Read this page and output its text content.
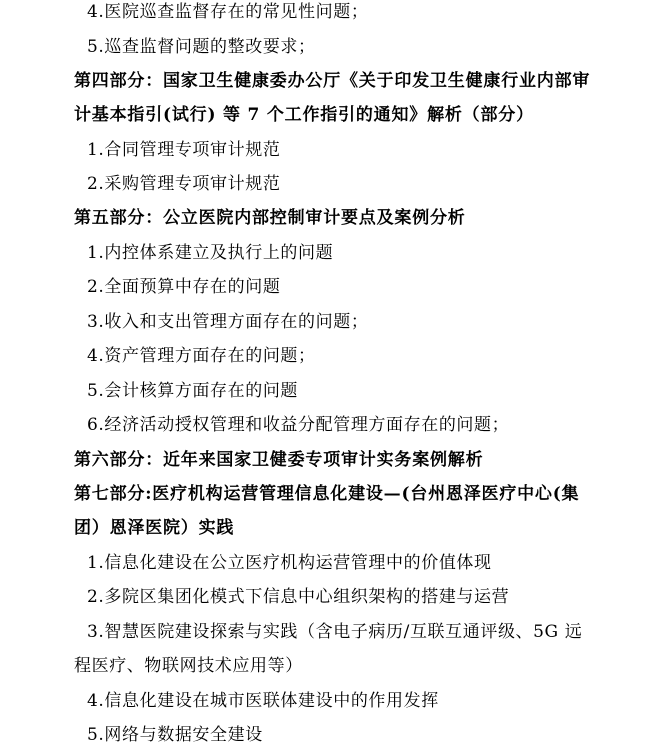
4.医院巡查监督存在的常见性问题；
5.巡查监督问题的整改要求；
第四部分：国家卫生健康委办公厅《关于印发卫生健康行业内部审
计基本指引(试行) 等 7 个工作指引的通知》解析（部分）
1.合同管理专项审计规范
2.采购管理专项审计规范
第五部分：公立医院内部控制审计要点及案例分析
1.内控体系建立及执行上的问题
2.全面预算中存在的问题
3.收入和支出管理方面存在的问题；
4.资产管理方面存在的问题；
5.会计核算方面存在的问题
6.经济活动授权管理和收益分配管理方面存在的问题；
第六部分：近年来国家卫健委专项审计实务案例解析
第七部分:医疗机构运营管理信息化建设—(台州恩泽医疗中心(集
团）恩泽医院）实践
1.信息化建设在公立医疗机构运营管理中的价值体现
2.多院区集团化模式下信息中心组织架构的搭建与运营
3.智慧医院建设探索与实践（含电子病历/互联互通评级、5G 远
程医疗、物联网技术应用等）
4.信息化建设在城市医联体建设中的作用发挥
5.网络与数据安全建设
